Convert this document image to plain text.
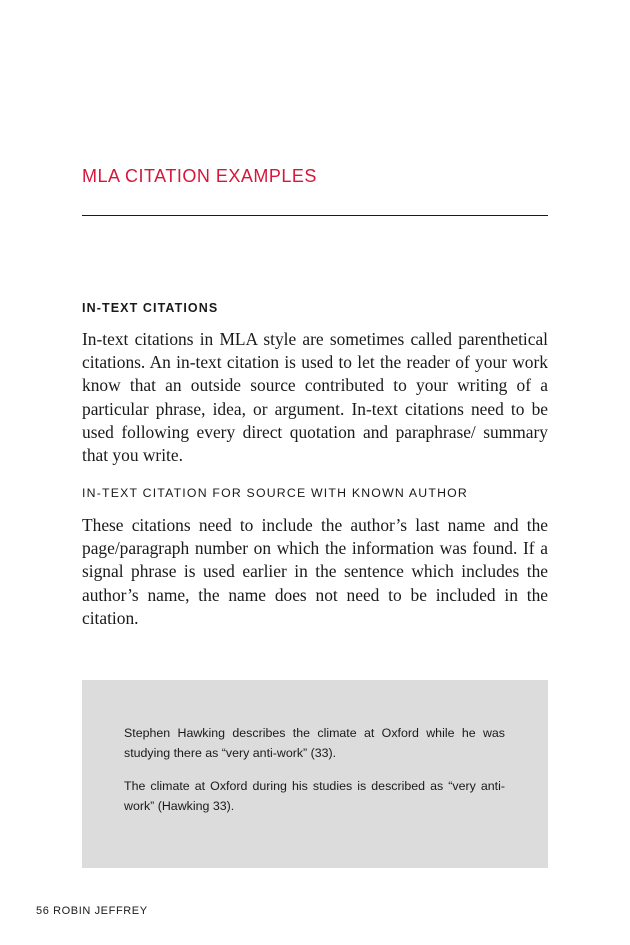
MLA CITATION EXAMPLES
IN-TEXT CITATIONS

In-text citations in MLA style are sometimes called parenthetical citations. An in-text citation is used to let the reader of your work know that an outside source contributed to your writing of a particular phrase, idea, or argument. In-text citations need to be used following every direct quotation and paraphrase/ summary that you write.

IN-TEXT CITATION FOR SOURCE WITH KNOWN AUTHOR

These citations need to include the author’s last name and the page/paragraph number on which the information was found. If a signal phrase is used earlier in the sentence which includes the author’s name, the name does not need to be included in the citation.

Stephen Hawking describes the climate at Oxford while he was studying there as “very anti-work” (33).

The climate at Oxford during his studies is described as “very anti-work” (Hawking 33).

56 ROBIN JEFFREY
